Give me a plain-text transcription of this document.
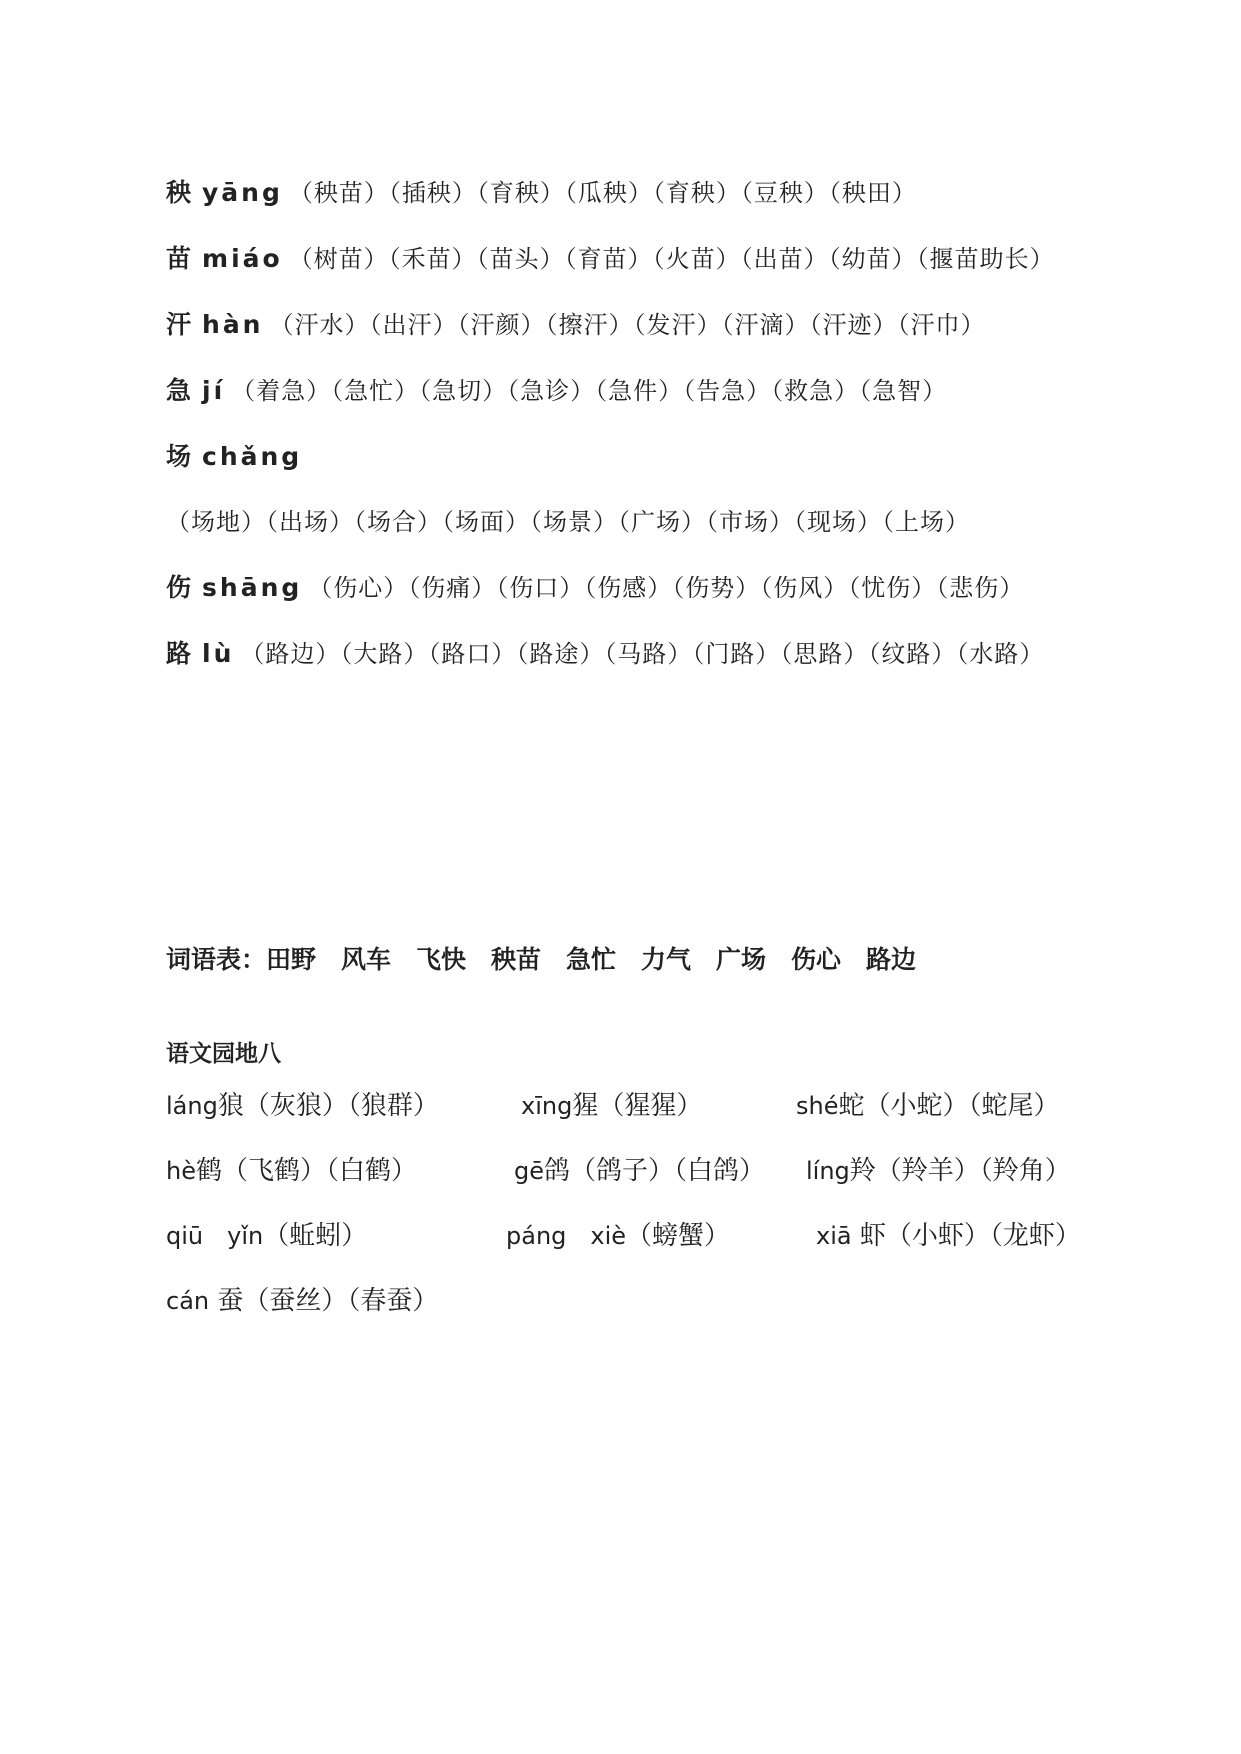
秧 yāng （秧苗）（插秧）（育秧）（瓜秧）（育秧）（豆秧）（秧田）

苗 miáo （树苗）（禾苗）（苗头）（育苗）（火苗）（出苗）（幼苗）（揠苗助长）

汗 hàn （汗水）（出汗）（汗颜）（擦汗）（发汗）（汗滴）（汗迹）（汗巾）

急 jí （着急）（急忙）（急切）（急诊）（急件）（告急）（救急）（急智）

场 chǎng（场地）（出场）（场合）（场面）（场景）（广场）（市场）（现场）（上场）

伤 shāng （伤心）（伤痛）（伤口）（伤感）（伤势）（伤风）（忧伤）（悲伤）

路 lù （路边）（大路）（路口）（路途）（马路）（门路）（思路）（纹路）（水路）

词语表：田野　风车　飞快　秧苗　急忙　力气　广场　伤心　路边
语文园地八
láng狼（灰狼）（狼群）	xīng猩（猩猩）	shé蛇（小蛇）（蛇尾）
hè鹤（飞鹤）（白鹤）	gē鸽（鸽子）（白鸽） líng羚（羚羊）（羚角）
qiū　yǐn（蚯蚓）	páng　xiè（螃蟹）	xiā 虾（小虾）（龙虾）
cán 蚕（蚕丝）（春蚕）
